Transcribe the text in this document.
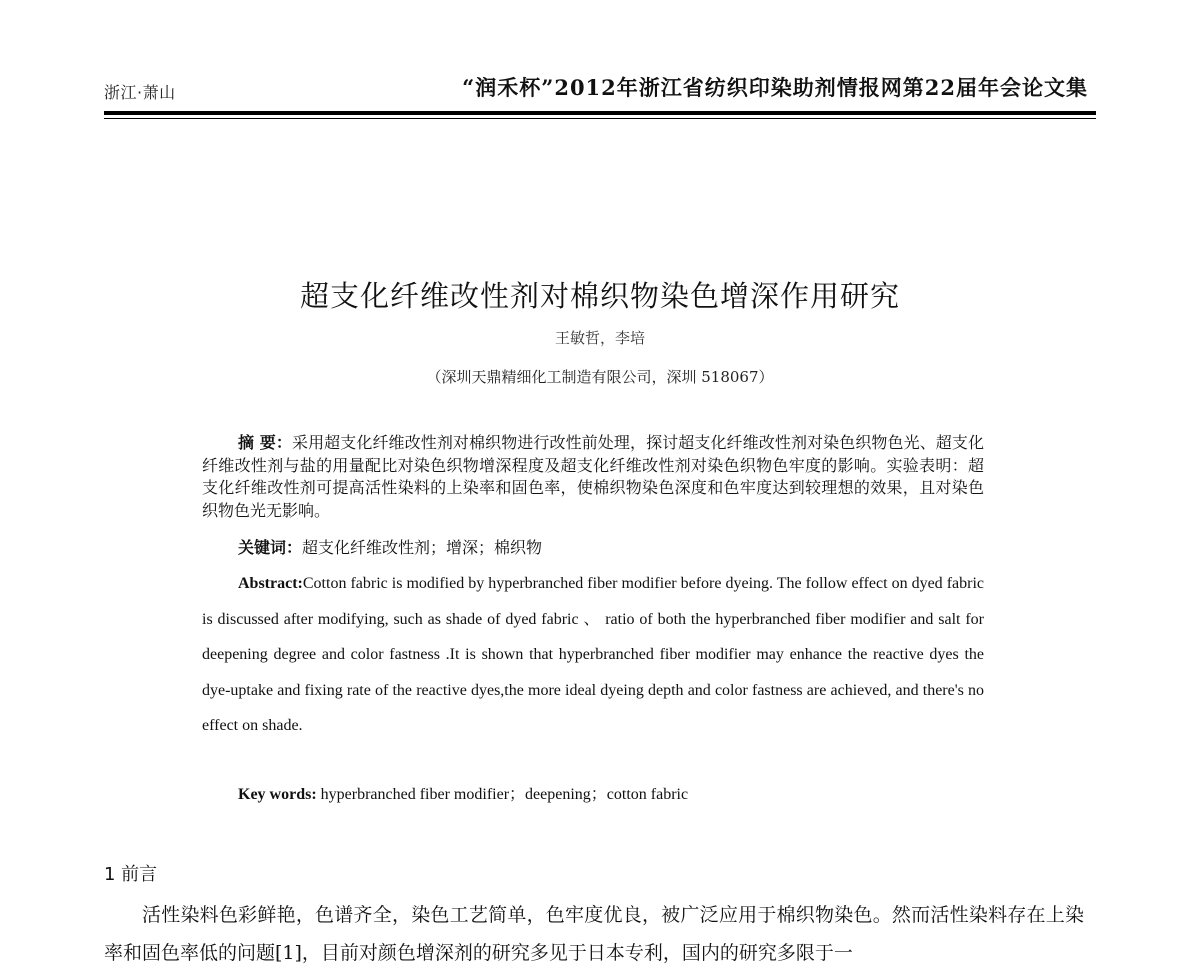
浙江·萧山	“润禾杯”2012年浙江省纺织印染助剂情报网第22届年会论文集
超支化纤维改性剂对棉织物染色增深作用研究
王敏哲，李培
（深圳天鼎精细化工制造有限公司，深圳 518067）
摘 要：采用超支化纤维改性剂对棉织物进行改性前处理，探讨超支化纤维改性剂对染色织物色光、超支化纤维改性剂与盐的用量配比对染色织物增深程度及超支化纤维改性剂对染色织物色牢度的影响。实验表明：超支化纤维改性剂可提高活性染料的上染率和固色率，使棉织物染色深度和色牢度达到较理想的效果，且对染色织物色光无影响。
关键词：超支化纤维改性剂；增深；棉织物
Abstract:Cotton fabric is modified by hyperbranched fiber modifier before dyeing. The follow effect on dyed fabric is discussed after modifying, such as shade of dyed fabric 、 ratio of both the hyperbranched fiber modifier and salt for deepening degree and color fastness .It is shown that hyperbranched fiber modifier may enhance the reactive dyes the dye-uptake and fixing rate of the reactive dyes,the more ideal dyeing depth and color fastness are achieved, and there's no effect on shade.
Key words: hyperbranched fiber modifier；deepening；cotton fabric
1 前言
活性染料色彩鲜艳，色谱齐全，染色工艺简单，色牢度优良，被广泛应用于棉织物染色。然而活性染料存在上染率和固色率低的问题[1]，目前对颜色增深剂的研究多见于日本专利，国内的研究多限于一
